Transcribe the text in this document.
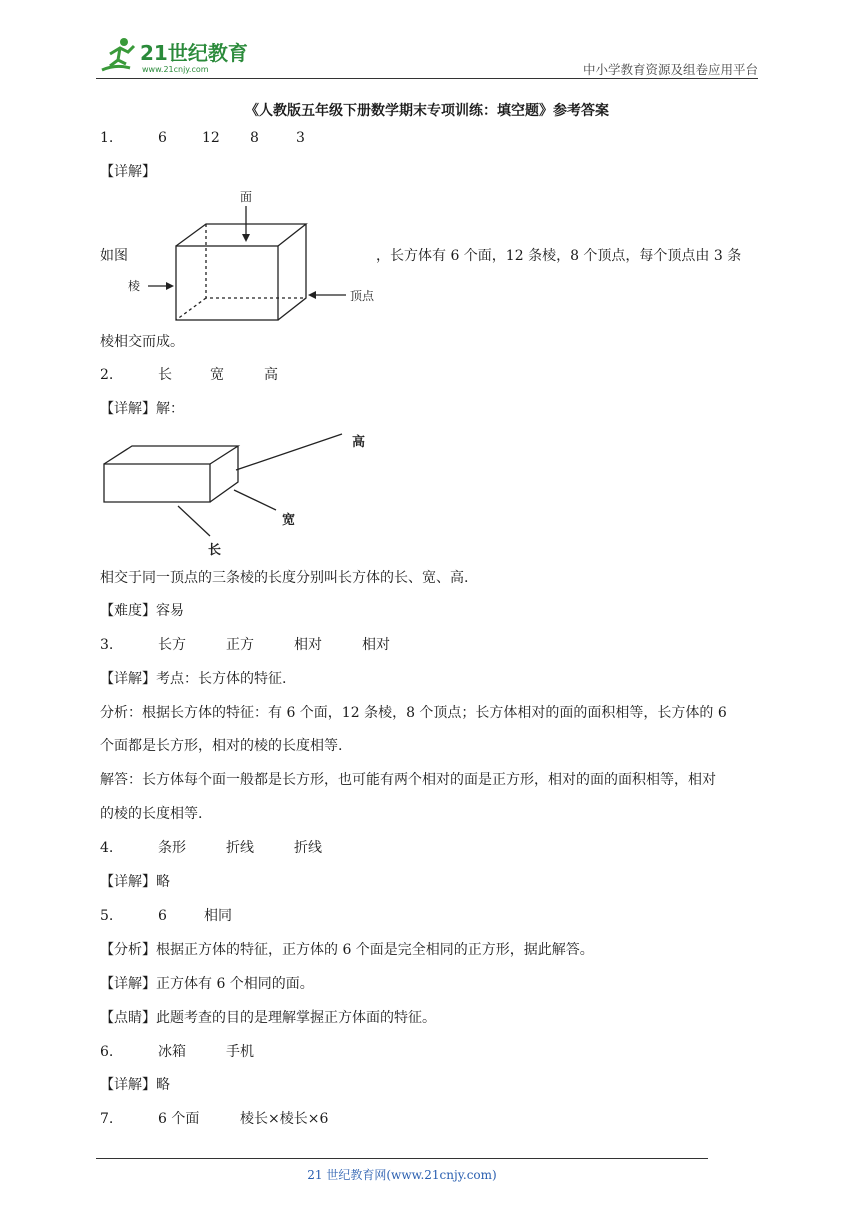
21世纪教育
www.21cnjy.com	中小学教育资源及组卷应用平台
《人教版五年级下册数学期末专项训练：填空题》参考答案
1.	6	12 8	3
【详解】
如图
面
棱
顶点
，长方体有 6 个面，12 条棱，8 个顶点，每个顶点由 3 条
棱相交而成。
2.	长	宽	高
【详解】解：
高
宽
长
相交于同一顶点的三条棱的长度分别叫长方体的长、宽、高.
【难度】容易
3.	长方	正方	相对	相对
【详解】考点：长方体的特征.
分析：根据长方体的特征：有 6 个面，12 条棱，8 个顶点；长方体相对的面的面积相等，长方体的 6
个面都是长方形，相对的棱的长度相等.
解答：长方体每个面一般都是长方形，也可能有两个相对的面是正方形，相对的面的面积相等，相对
的棱的长度相等.
4.	条形	折线	折线
【详解】略
5.	6	相同
【分析】根据正方体的特征，正方体的 6 个面是完全相同的正方形，据此解答。
【详解】正方体有 6 个相同的面。
【点睛】此题考查的目的是理解掌握正方体面的特征。
6.	冰箱	手机
【详解】略
7.	6 个面	棱长×棱长×6
21 世纪教育网(www.21cnjy.com)
